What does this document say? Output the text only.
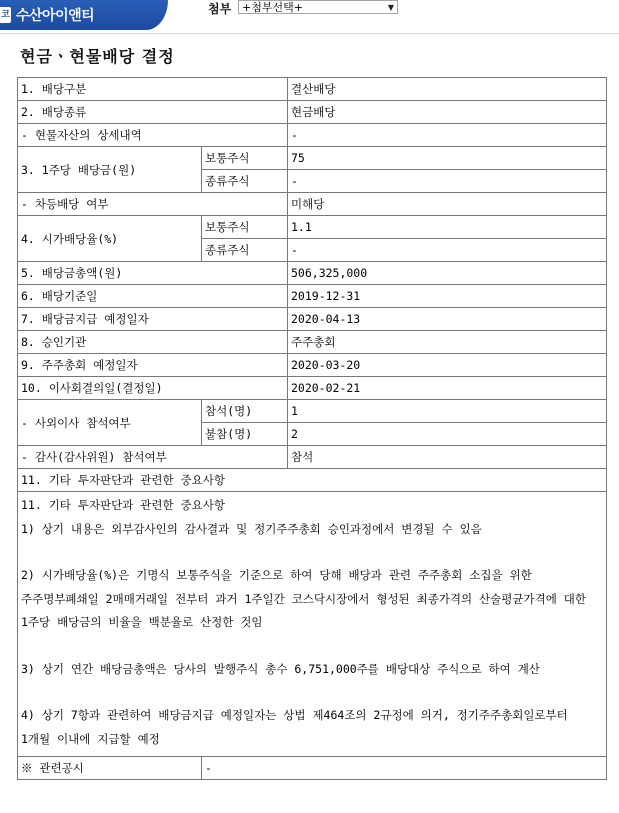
코 수산아이앤티	첨부 +첨부선택+	▼
현금ㆍ현물배당 결정
1. 배당구분		결산배당
2. 배당종류		현금배당
- 현물자산의 상세내역		-
3. 1주당 배당금(원)	보통주식	75
	종류주식	-
- 차등배당 여부		미해당
4. 시가배당율(%)	보통주식	1.1
	종류주식	-
5. 배당금총액(원)		506,325,000
6. 배당기준일		2019-12-31
7. 배당금지급 예정일자		2020-04-13
8. 승인기관		주주총회
9. 주주총회 예정일자		2020-03-20
10. 이사회결의일(결정일)		2020-02-21
- 사외이사 참석여부	참석(명)	1
	불참(명)	2
- 감사(감사위원) 참석여부		참석
11. 기타 투자판단과 관련한 중요사항		

11. 기타 투자판단과 관련한 중요사항

1) 상기 내용은 외부감사인의 감사결과 및 정기주주총회 승인과정에서 변경될 수 있음

2) 시가배당율(%)은 기명식 보통주식을 기준으로 하여 당해 배당과 관련 주주총회 소집을 위한 주주명부폐쇄일 2매매거래일 전부터 과거 1주일간 코스닥시장에서 형성된 최종가격의 산술평균가격에 대한 1주당 배당금의 비율을 백분율로 산정한 것임

3) 상기 연간 배당금총액은 당사의 발행주식 총수 6,751,000주를 배당대상 주식으로 하여 계산

4) 상기 7항과 관련하여 배당금지급 예정일자는 상법 제464조의 2규정에 의거, 정기주주총회일로부터 1개월 이내에 지급할 예정		

※ 관련공시	-	
